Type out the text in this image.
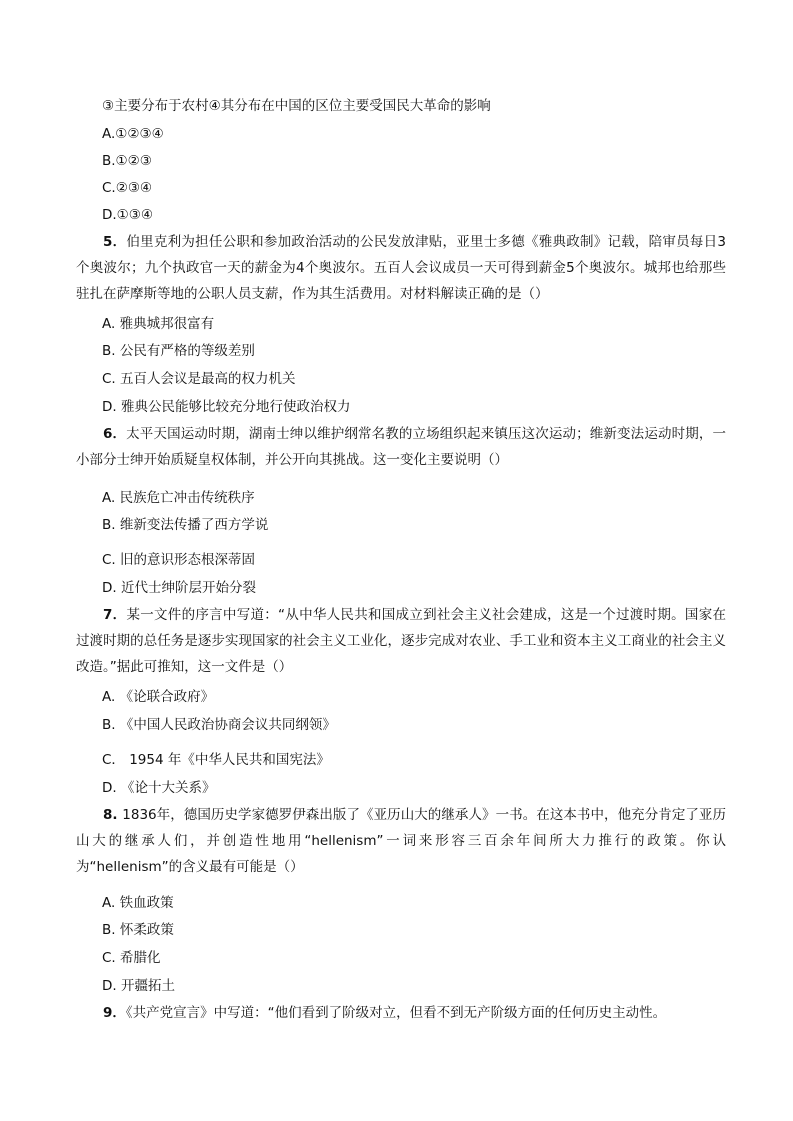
③主要分布于农村④其分布在中国的区位主要受国民大革命的影响
A.①②③④
B.①②③
C.②③④
D.①③④
5．伯里克利为担任公职和参加政治活动的公民发放津贴，亚里士多德《雅典政制》记载，陪审员每日3个奥波尔；九个执政官一天的薪金为4个奥波尔。五百人会议成员一天可得到薪金5个奥波尔。城邦也给那些驻扎在萨摩斯等地的公职人员支薪，作为其生活费用。对材料解读正确的是（）
A. 雅典城邦很富有
B. 公民有严格的等级差别
C. 五百人会议是最高的权力机关
D. 雅典公民能够比较充分地行使政治权力
6．太平天国运动时期，湖南士绅以维护纲常名教的立场组织起来镇压这次运动；维新变法运动时期，一小部分士绅开始质疑皇权体制，并公开向其挑战。这一变化主要说明（）
A. 民族危亡冲击传统秩序
B. 维新变法传播了西方学说
C. 旧的意识形态根深蒂固
D. 近代士绅阶层开始分裂
7．某一文件的序言中写道：“从中华人民共和国成立到社会主义社会建成，这是一个过渡时期。国家在过渡时期的总任务是逐步实现国家的社会主义工业化，逐步完成对农业、手工业和资本主义工商业的社会主义改造。”据此可推知，这一文件是（）
A. 《论联合政府》
B. 《中国人民政治协商会议共同纲领》
C． 1954 年《中华人民共和国宪法》
D. 《论十大关系》
8. 1836年，德国历史学家德罗伊森出版了《亚历山大的继承人》一书。在这本书中，他充分肯定了亚历山大的继承人们，并创造性地用“hellenism”一词来形容三百余年间所大力推行的政策。你认为“hellenism”的含义最有可能是（）
A. 铁血政策
B. 怀柔政策
C. 希腊化
D. 开疆拓土
9．《共产党宣言》中写道：“他们看到了阶级对立，但看不到无产阶级方面的任何历史主动性。
